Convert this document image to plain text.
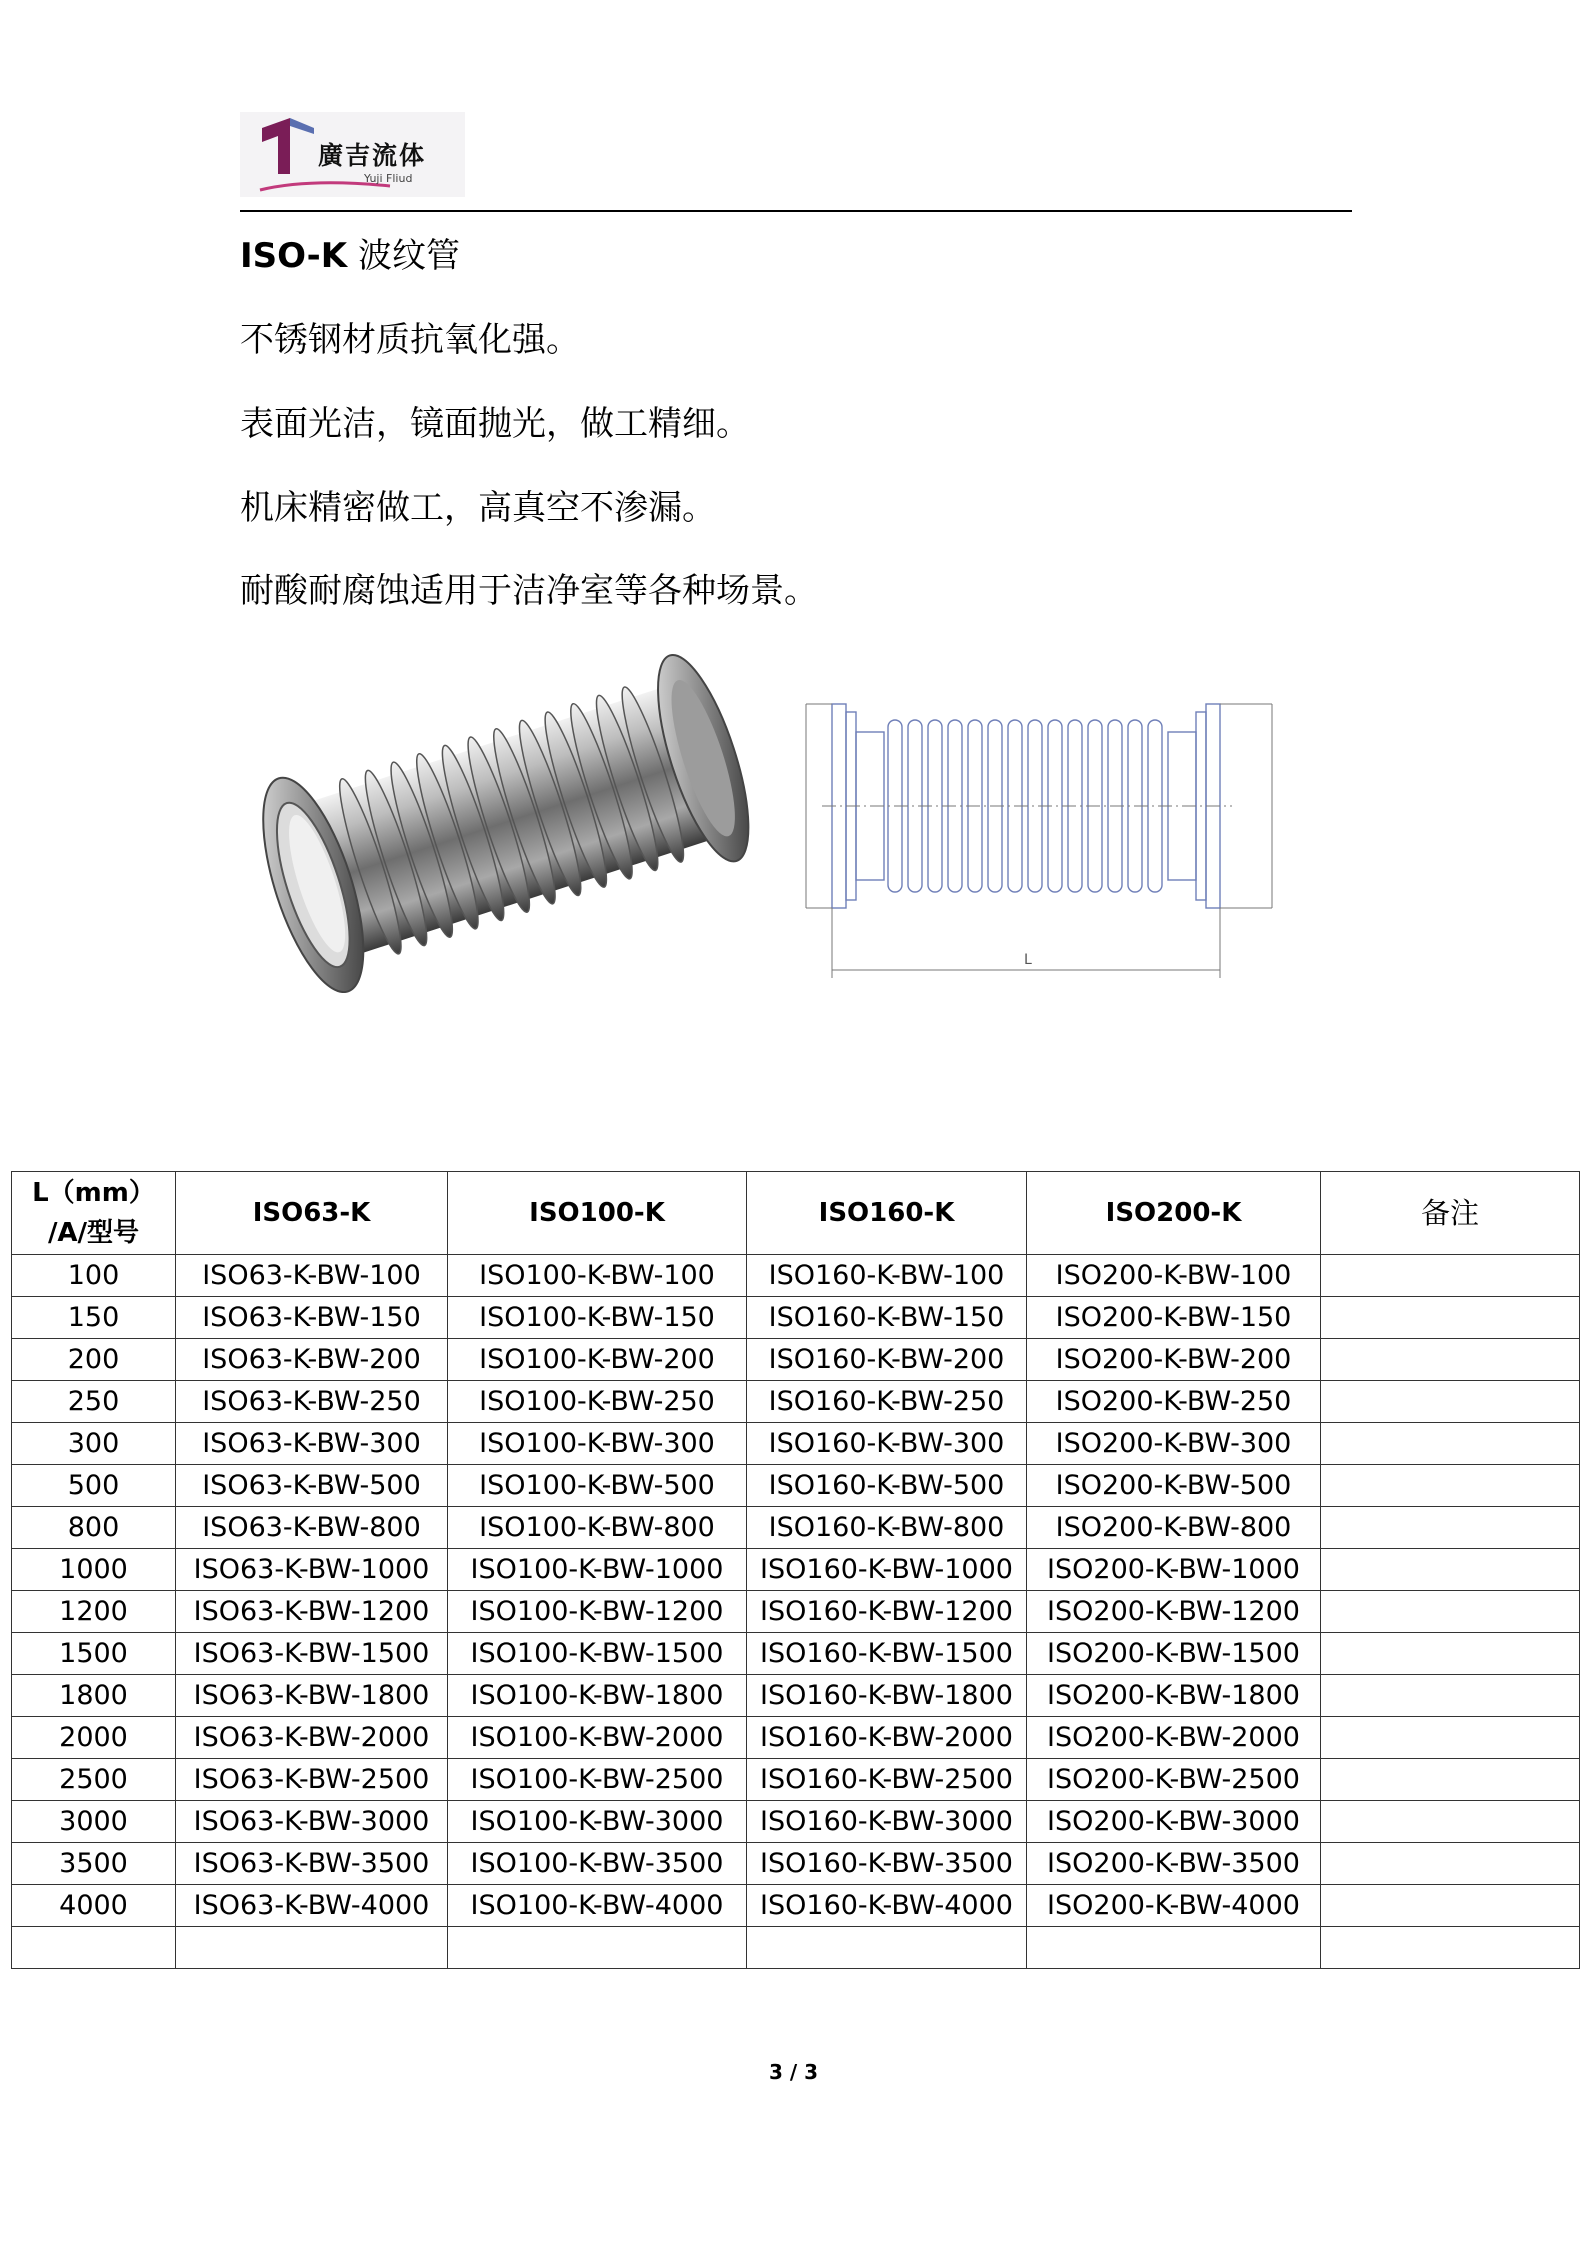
廣吉流体
Yuji Fliud
ISO-K 波纹管
不锈钢材质抗氧化强。
表面光洁，镜面抛光，做工精细。
机床精密做工，高真空不渗漏。
耐酸耐腐蚀适用于洁净室等各种场景。
L
L（mm）
/A/型号	ISO63-K	ISO100-K	ISO160-K	ISO200-K	备注
100	ISO63-K-BW-100	ISO100-K-BW-100	ISO160-K-BW-100	ISO200-K-BW-100	
150	ISO63-K-BW-150	ISO100-K-BW-150	ISO160-K-BW-150	ISO200-K-BW-150	
200	ISO63-K-BW-200	ISO100-K-BW-200	ISO160-K-BW-200	ISO200-K-BW-200	
250	ISO63-K-BW-250	ISO100-K-BW-250	ISO160-K-BW-250	ISO200-K-BW-250	
300	ISO63-K-BW-300	ISO100-K-BW-300	ISO160-K-BW-300	ISO200-K-BW-300	
500	ISO63-K-BW-500	ISO100-K-BW-500	ISO160-K-BW-500	ISO200-K-BW-500	
800	ISO63-K-BW-800	ISO100-K-BW-800	ISO160-K-BW-800	ISO200-K-BW-800	
1000	ISO63-K-BW-1000	ISO100-K-BW-1000	ISO160-K-BW-1000	ISO200-K-BW-1000	
1200	ISO63-K-BW-1200	ISO100-K-BW-1200	ISO160-K-BW-1200	ISO200-K-BW-1200	
1500	ISO63-K-BW-1500	ISO100-K-BW-1500	ISO160-K-BW-1500	ISO200-K-BW-1500	
1800	ISO63-K-BW-1800	ISO100-K-BW-1800	ISO160-K-BW-1800	ISO200-K-BW-1800	
2000	ISO63-K-BW-2000	ISO100-K-BW-2000	ISO160-K-BW-2000	ISO200-K-BW-2000	
2500	ISO63-K-BW-2500	ISO100-K-BW-2500	ISO160-K-BW-2500	ISO200-K-BW-2500	
3000	ISO63-K-BW-3000	ISO100-K-BW-3000	ISO160-K-BW-3000	ISO200-K-BW-3000	
3500	ISO63-K-BW-3500	ISO100-K-BW-3500	ISO160-K-BW-3500	ISO200-K-BW-3500	
4000	ISO63-K-BW-4000	ISO100-K-BW-4000	ISO160-K-BW-4000	ISO200-K-BW-4000	

3 / 3
